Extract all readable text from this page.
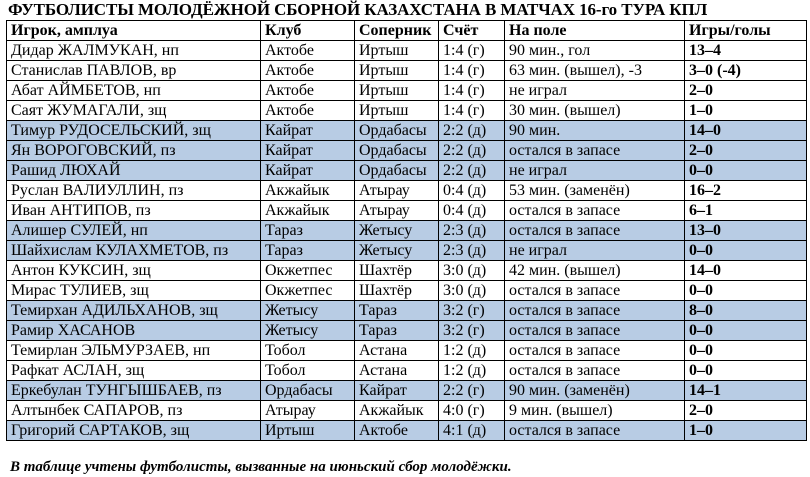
ФУТБОЛИСТЫ МОЛОДЁЖНОЙ СБОРНОЙ КАЗАХСТАНА В МАТЧАХ 16-го ТУРА КПЛ
Игрок, амплуа	Клуб	Соперник	Счёт	На поле	Игры/голы
Дидар ЖАЛМУКАН, нп	Актобе	Иртыш	1:4 (г)	90 мин., гол	13–4
Станислав ПАВЛОВ, вр	Актобе	Иртыш	1:4 (г)	63 мин. (вышел), -3	3–0 (-4)
Абат АЙМБЕТОВ, нп	Актобе	Иртыш	1:4 (г)	не играл	2–0
Саят ЖУМАГАЛИ, зщ	Актобе	Иртыш	1:4 (г)	30 мин. (вышел)	1–0
Тимур РУДОСЕЛЬСКИЙ, зщ	Кайрат	Ордабасы	2:2 (д)	90 мин.	14–0
Ян ВОРОГОВСКИЙ, пз	Кайрат	Ордабасы	2:2 (д)	остался в запасе	2–0
Рашид ЛЮХАЙ	Кайрат	Ордабасы	2:2 (д)	не играл	0–0
Руслан ВАЛИУЛЛИН, пз	Акжайык	Атырау	0:4 (д)	53 мин. (заменён)	16–2
Иван АНТИПОВ, пз	Акжайык	Атырау	0:4 (д)	остался в запасе	6–1
Алишер СУЛЕЙ, нп	Тараз	Жетысу	2:3 (д)	остался в запасе	13–0
Шайхислам КУЛАХМЕТОВ, пз	Тараз	Жетысу	2:3 (д)	не играл	0–0
Антон КУКСИН, зщ	Окжетпес	Шахтёр	3:0 (д)	42 мин. (вышел)	14–0
Мирас ТУЛИЕВ, зщ	Окжетпес	Шахтёр	3:0 (д)	остался в запасе	0–0
Темирхан АДИЛЬХАНОВ, зщ	Жетысу	Тараз	3:2 (г)	остался в запасе	8–0
Рамир ХАСАНОВ	Жетысу	Тараз	3:2 (г)	остался в запасе	0–0
Темирлан ЭЛЬМУРЗАЕВ, нп	Тобол	Астана	1:2 (д)	остался в запасе	0–0
Рафкат АСЛАН, зщ	Тобол	Астана	1:2 (д)	остался в запасе	0–0
Еркебулан ТУНГЫШБАЕВ, пз	Ордабасы	Кайрат	2:2 (г)	90 мин. (заменён)	14–1
Алтынбек САПАРОВ, пз	Атырау	Акжайык	4:0 (г)	9 мин. (вышел)	2–0
Григорий САРТАКОВ, зщ	Иртыш	Актобе	4:1 (д)	остался в запасе	1–0
В таблице учтены футболисты, вызванные на июньский сбор молодёжки.
